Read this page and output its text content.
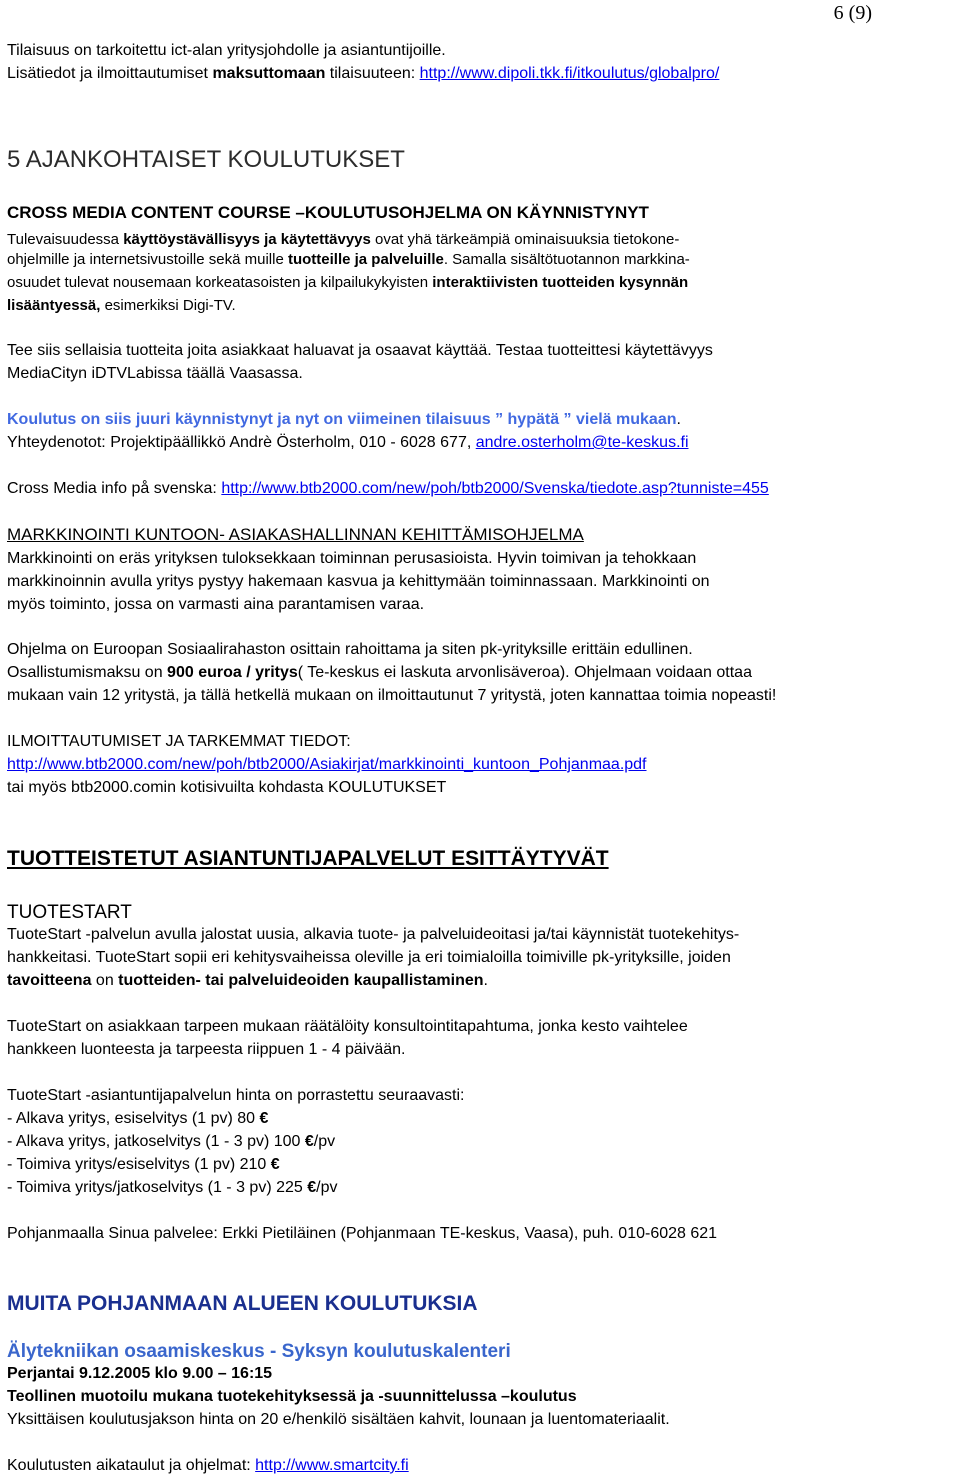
6 (9)
Tilaisuus on tarkoitettu ict-alan yritysjohdolle ja asiantuntijoille.
Lisätiedot ja ilmoittautumiset maksuttomaan tilaisuuteen: http://www.dipoli.tkk.fi/itkoulutus/globalpro/
5 AJANKOHTAISET KOULUTUKSET
CROSS MEDIA CONTENT COURSE –KOULUTUSOHJELMA ON KÄYNNISTYNYT
Tulevaisuudessa käyttöystävällisyys ja käytettävyys ovat yhä tärkeämpiä ominaisuuksia tietokone-
ohjelmille ja internetsivustoille sekä muille tuotteille ja palveluille. Samalla sisältötuotannon markkina-
osuudet tulevat nousemaan korkeatasoisten ja kilpailukykyisten interaktiivisten tuotteiden kysynnän
lisääntyessä, esimerkiksi Digi-TV.
Tee siis sellaisia tuotteita joita asiakkaat haluavat ja osaavat käyttää. Testaa tuotteittesi käytettävyys
MediaCityn iDTVLabissa täällä Vaasassa.
Koulutus on siis juuri käynnistynyt ja nyt on viimeinen tilaisuus ” hypätä ” vielä mukaan.
Yhteydenotot: Projektipäällikkö Andrè Österholm, 010 - 6028 677, andre.osterholm@te-keskus.fi
Cross Media info på svenska: http://www.btb2000.com/new/poh/btb2000/Svenska/tiedote.asp?tunniste=455
MARKKINOINTI KUNTOON- ASIAKASHALLINNAN KEHITTÄMISOHJELMA
Markkinointi on eräs yrityksen tuloksekkaan toiminnan perusasioista. Hyvin toimivan ja tehokkaan
markkinoinnin avulla yritys pystyy hakemaan kasvua ja kehittymään toiminnassaan. Markkinointi on
myös toiminto, jossa on varmasti aina parantamisen varaa.
Ohjelma on Euroopan Sosiaalirahaston osittain rahoittama ja siten pk-yrityksille erittäin edullinen.
Osallistumismaksu on 900 euroa / yritys( Te-keskus ei laskuta arvonlisäveroa). Ohjelmaan voidaan ottaa
mukaan vain 12 yritystä, ja tällä hetkellä mukaan on ilmoittautunut 7 yritystä, joten kannattaa toimia nopeasti!
ILMOITTAUTUMISET JA TARKEMMAT TIEDOT:
http://www.btb2000.com/new/poh/btb2000/Asiakirjat/markkinointi_kuntoon_Pohjanmaa.pdf
tai myös btb2000.comin kotisivuilta kohdasta KOULUTUKSET
TUOTTEISTETUT ASIANTUNTIJAPALVELUT ESITTÄYTYVÄT
TUOTESTART
TuoteStart -palvelun avulla jalostat uusia, alkavia tuote- ja palveluideoitasi ja/tai käynnistät tuotekehitys-
hankkeitasi. TuoteStart sopii eri kehitysvaiheissa oleville ja eri toimialoilla toimiville pk-yrityksille, joiden
tavoitteena on tuotteiden- tai palveluideoiden kaupallistaminen.
TuoteStart on asiakkaan tarpeen mukaan räätälöity konsultointitapahtuma, jonka kesto vaihtelee
hankkeen luonteesta ja tarpeesta riippuen 1 - 4 päivään.
TuoteStart -asiantuntijapalvelun hinta on porrastettu seuraavasti:
- Alkava yritys, esiselvitys (1 pv) 80 €
- Alkava yritys, jatkoselvitys (1 - 3 pv) 100 €/pv
- Toimiva yritys/esiselvitys (1 pv) 210 €
- Toimiva yritys/jatkoselvitys (1 - 3 pv) 225 €/pv
Pohjanmaalla Sinua palvelee: Erkki Pietiläinen (Pohjanmaan TE-keskus, Vaasa), puh. 010-6028 621
MUITA POHJANMAAN ALUEEN KOULUTUKSIA
Älytekniikan osaamiskeskus - Syksyn koulutuskalenteri
Perjantai 9.12.2005 klo 9.00 – 16:15
Teollinen muotoilu mukana tuotekehityksessä ja -suunnittelussa –koulutus
Yksittäisen koulutusjakson hinta on 20 e/henkilö sisältäen kahvit, lounaan ja luentomateriaalit.
Koulutusten aikataulut ja ohjelmat: http://www.smartcity.fi
